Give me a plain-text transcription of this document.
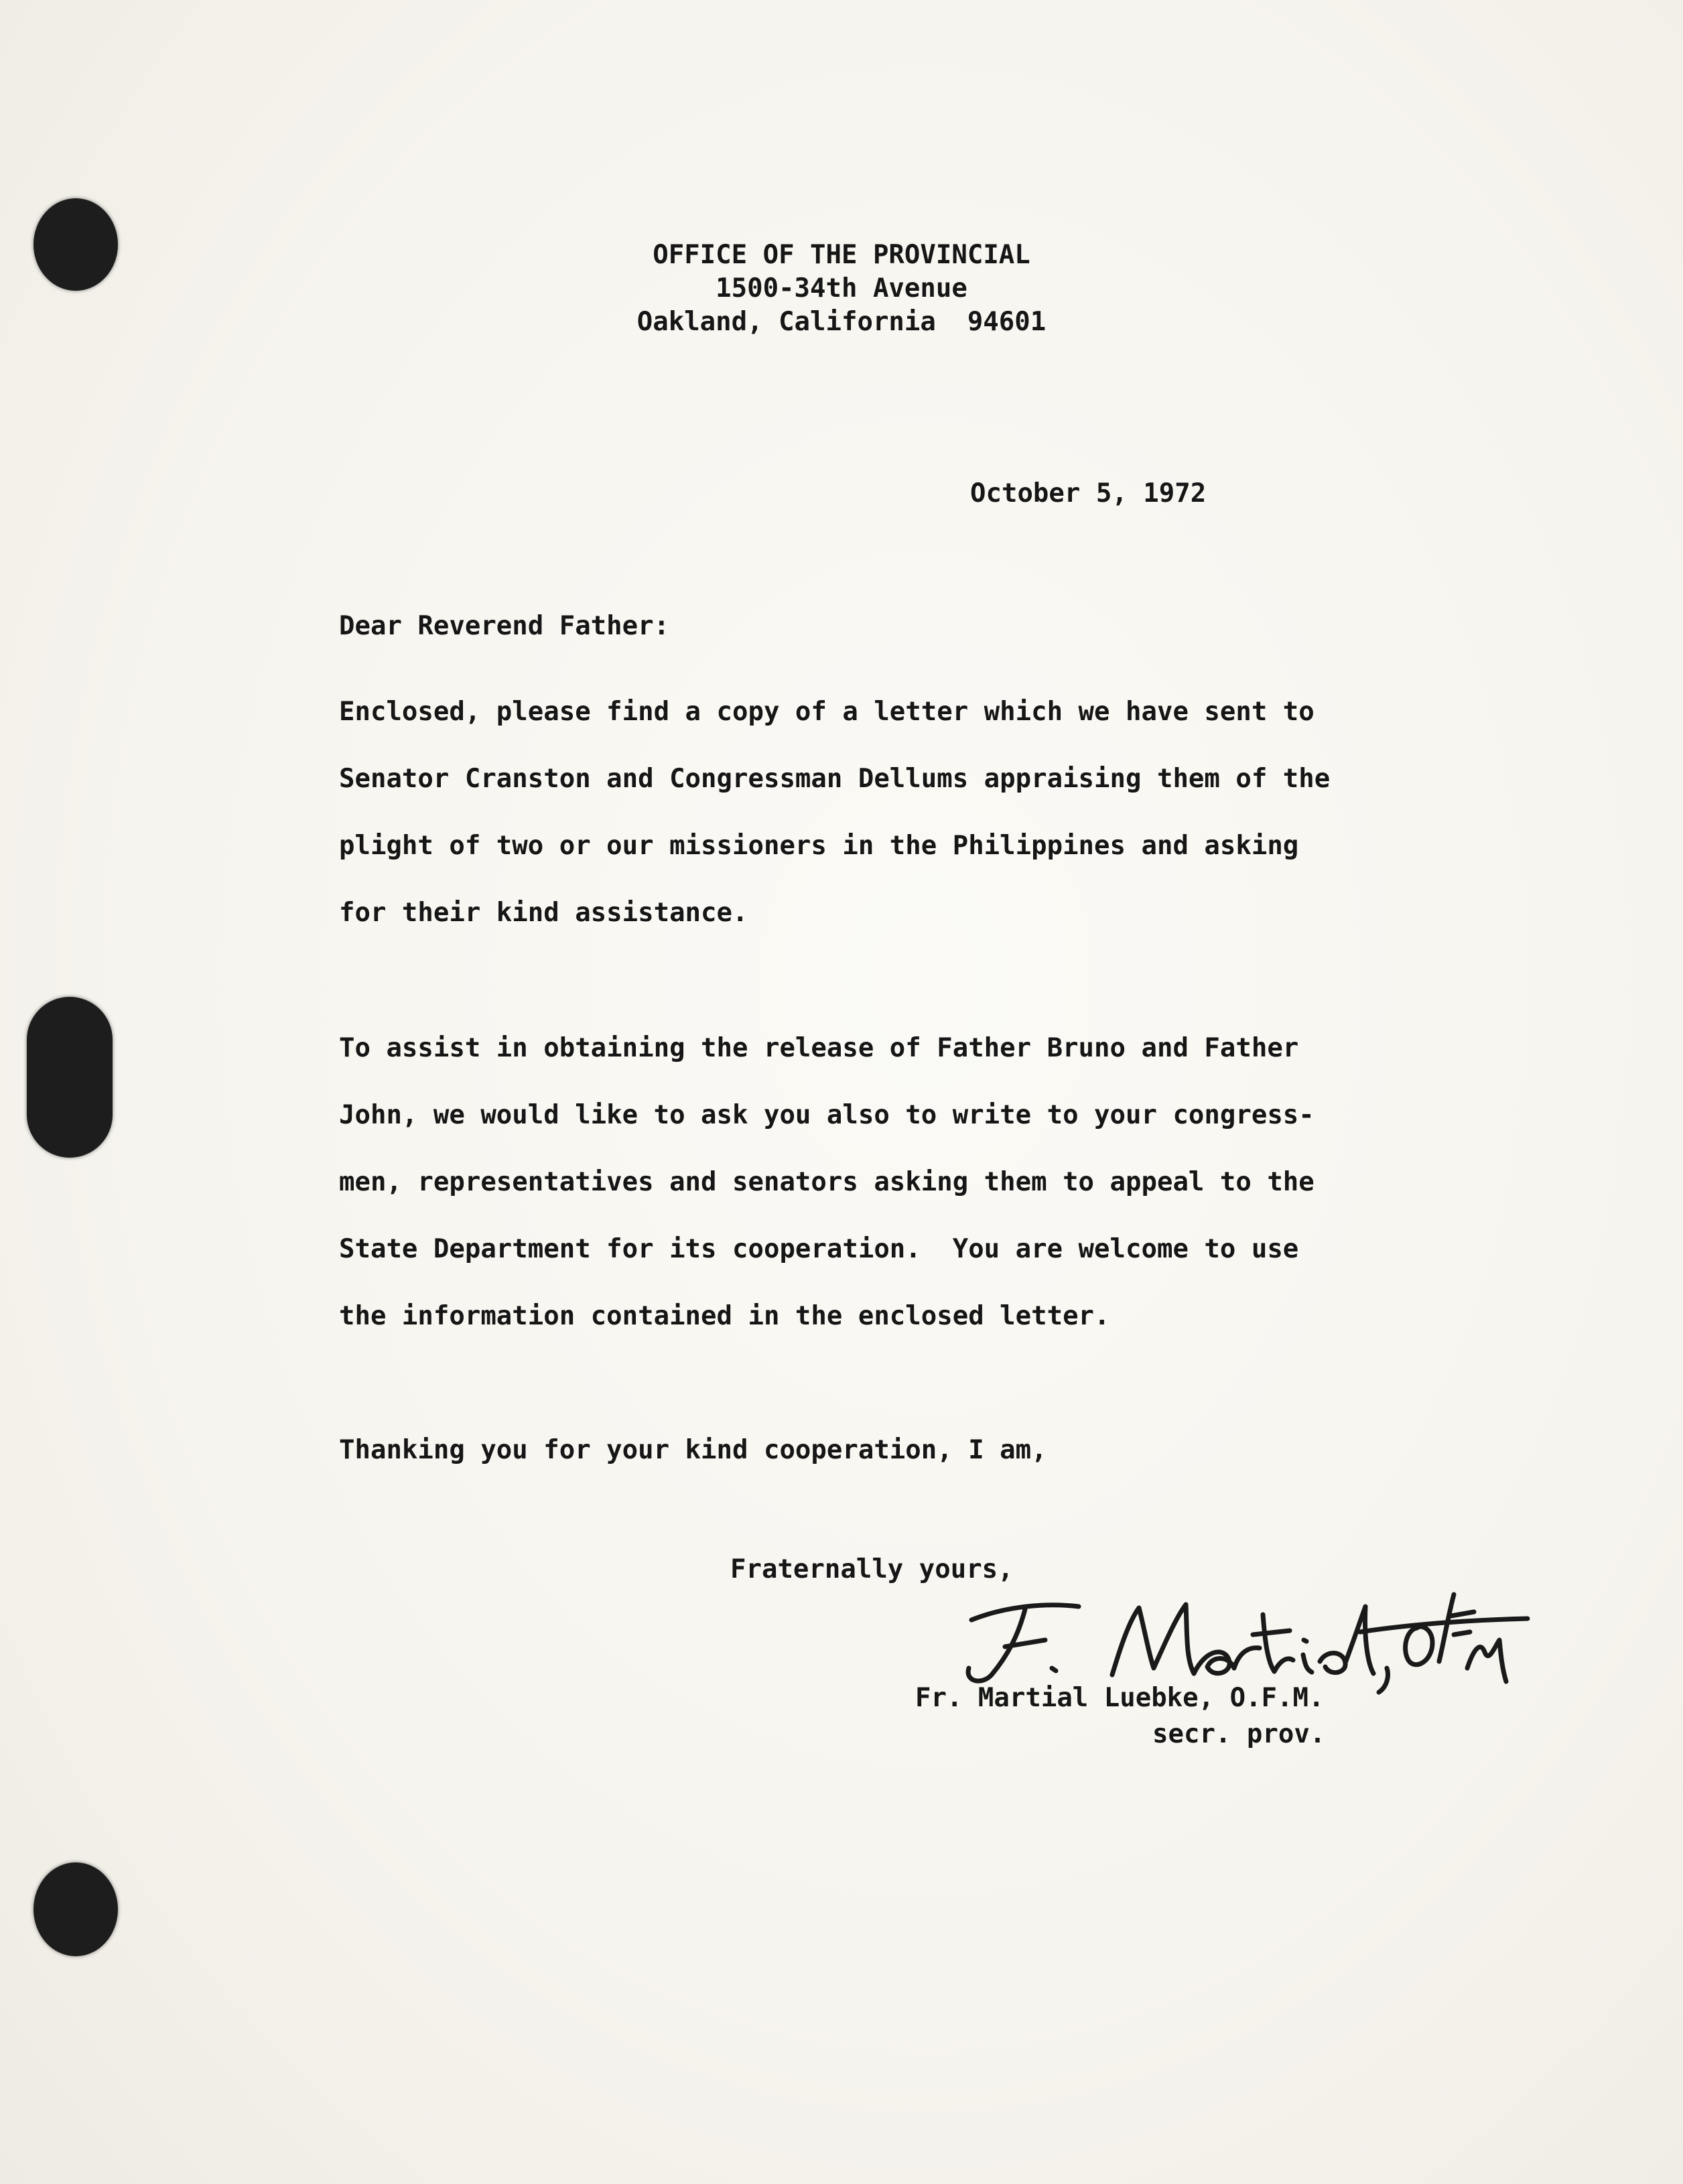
OFFICE OF THE PROVINCIAL
1500-34th Avenue
Oakland, California  94601
October 5, 1972
Dear Reverend Father:
Enclosed, please find a copy of a letter which we have sent to
Senator Cranston and Congressman Dellums appraising them of the
plight of two or our missioners in the Philippines and asking
for their kind assistance.
To assist in obtaining the release of Father Bruno and Father
John, we would like to ask you also to write to your congress-
men, representatives and senators asking them to appeal to the
State Department for its cooperation.  You are welcome to use
the information contained in the enclosed letter.
Thanking you for your kind cooperation, I am,
Fraternally yours,
Fr. Martial Luebke, O.F.M.
secr. prov.
